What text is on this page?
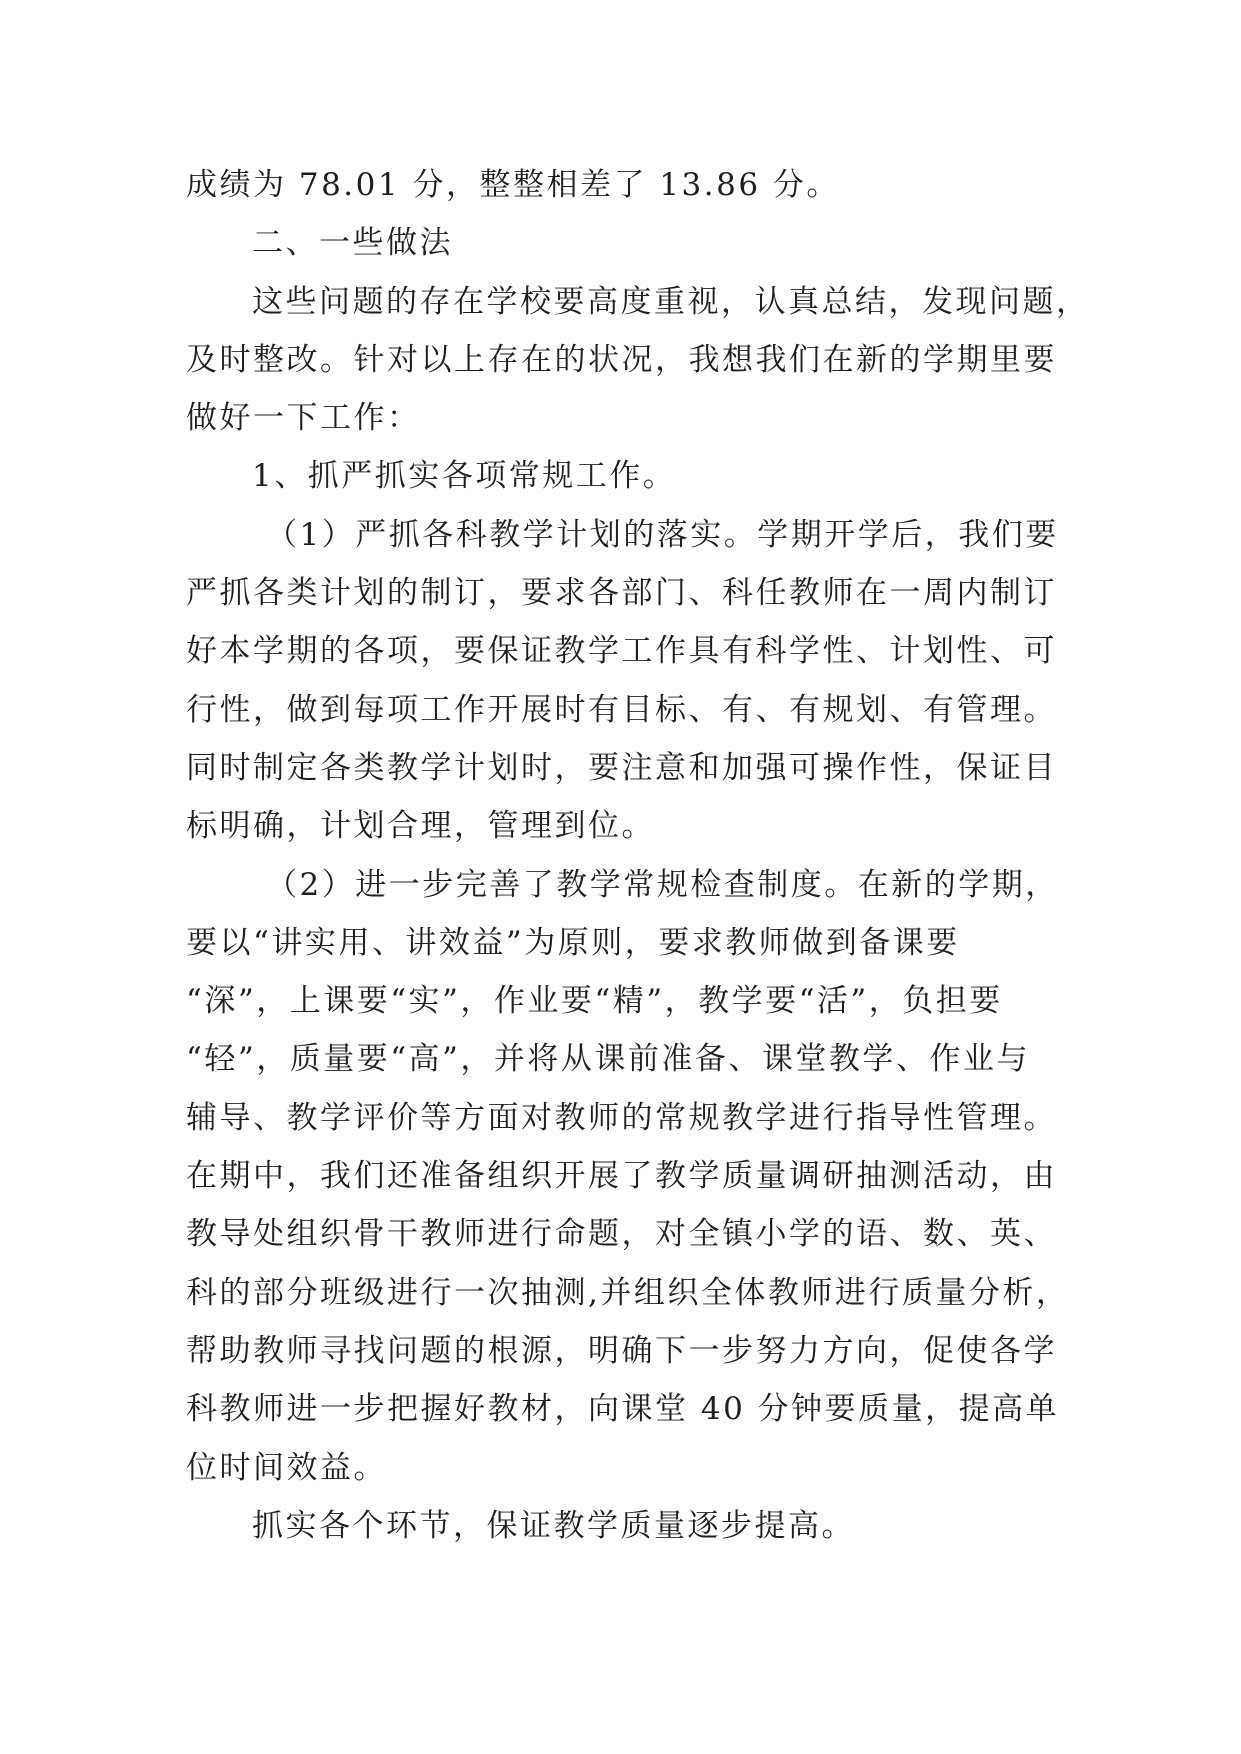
成绩为 78.01 分，整整相差了 13.86 分。
二、一些做法
这些问题的存在学校要高度重视，认真总结，发现问题，
及时整改。针对以上存在的状况，我想我们在新的学期里要
做好一下工作：
1、抓严抓实各项常规工作。
（1）严抓各科教学计划的落实。学期开学后，我们要
严抓各类计划的制订，要求各部门、科任教师在一周内制订
好本学期的各项，要保证教学工作具有科学性、计划性、可
行性，做到每项工作开展时有目标、有、有规划、有管理。
同时制定各类教学计划时，要注意和加强可操作性，保证目
标明确，计划合理，管理到位。
（2）进一步完善了教学常规检查制度。在新的学期，
要以“讲实用、讲效益”为原则，要求教师做到备课要
“深”，上课要“实”，作业要“精”，教学要“活”，负担要
“轻”，质量要“高”，并将从课前准备、课堂教学、作业与
辅导、教学评价等方面对教师的常规教学进行指导性管理。
在期中，我们还准备组织开展了教学质量调研抽测活动，由
教导处组织骨干教师进行命题，对全镇小学的语、数、英、
科的部分班级进行一次抽测,并组织全体教师进行质量分析，
帮助教师寻找问题的根源，明确下一步努力方向，促使各学
科教师进一步把握好教材，向课堂 40 分钟要质量，提高单
位时间效益。
抓实各个环节，保证教学质量逐步提高。
